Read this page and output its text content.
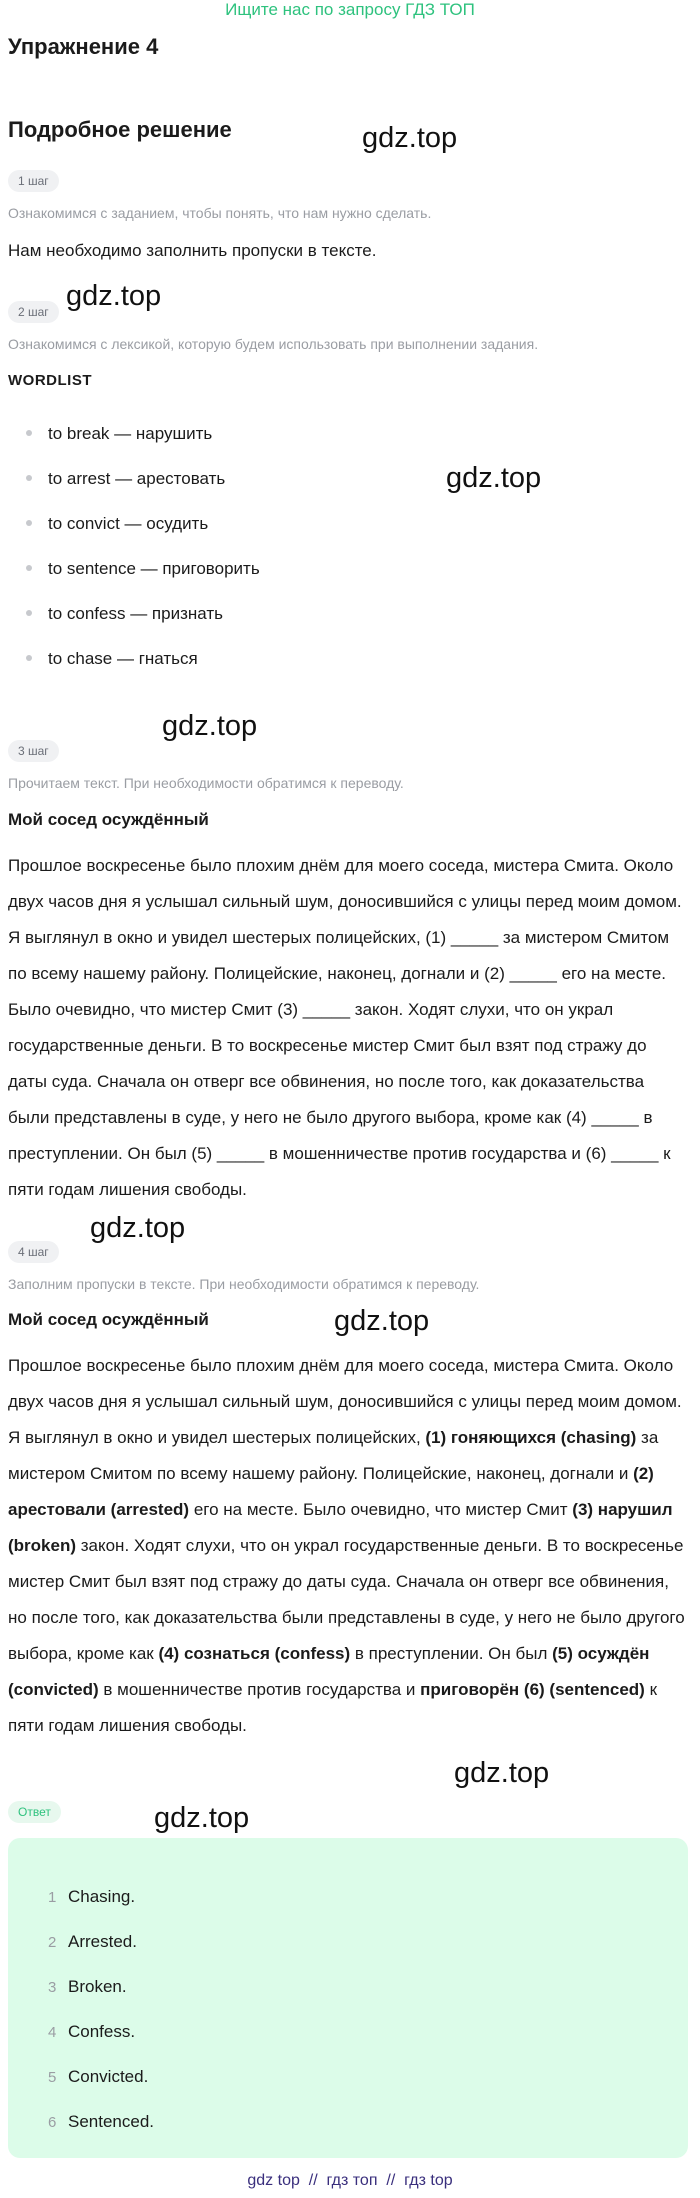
Ищите нас по запросу ГДЗ ТОП
Упражнение 4
Подробное решение	gdz.top
gdz.top
gdz.top
gdz.top
gdz.top
gdz.top
gdz.top
gdz.top
1 шаг
Ознакомимся с заданием, чтобы понять, что нам нужно сделать.
Нам необходимо заполнить пропуски в тексте.
2 шаг
Ознакомимся с лексикой, которую будем использовать при выполнении задания.
WORDLIST
to break — нарушить
to arrest — арестовать
to convict — осудить
to sentence — приговорить
to confess — признать
to chase — гнаться
3 шаг
Прочитаем текст. При необходимости обратимся к переводу.
Мой сосед осуждённый
Прошлое воскресенье было плохим днём для моего соседа, мистера Смита. Около двух часов дня я услышал сильный шум, доносившийся с улицы перед моим домом. Я выглянул в окно и увидел шестерых полицейских, (1) _____ за мистером Смитом по всему нашему району. Полицейские, наконец, догнали и (2) _____ его на месте. Было очевидно, что мистер Смит (3) _____ закон. Ходят слухи, что он украл государственные деньги. В то воскресенье мистер Смит был взят под стражу до даты суда. Сначала он отверг все обвинения, но после того, как доказательства были представлены в суде, у него не было другого выбора, кроме как (4) _____ в преступлении. Он был (5) _____ в мошенничестве против государства и (6) _____ к пяти годам лишения свободы.
4 шаг
Заполним пропуски в тексте. При необходимости обратимся к переводу.
Мой сосед осуждённый
Прошлое воскресенье было плохим днём для моего соседа, мистера Смита. Около двух часов дня я услышал сильный шум, доносившийся с улицы перед моим домом. Я выглянул в окно и увидел шестерых полицейских, (1) гоняющихся (chasing) за мистером Смитом по всему нашему району. Полицейские, наконец, догнали и (2) арестовали (arrested) его на месте. Было очевидно, что мистер Смит (3) нарушил (broken) закон. Ходят слухи, что он украл государственные деньги. В то воскресенье мистер Смит был взят под стражу до даты суда. Сначала он отверг все обвинения, но после того, как доказательства были представлены в суде, у него не было другого выбора, кроме как (4) сознаться (confess) в преступлении. Он был (5) осуждён (convicted) в мошенничестве против государства и приговорён (6) (sentenced) к пяти годам лишения свободы.
Ответ
1 Chasing.
2 Arrested.
3 Broken.
4 Confess.
5 Convicted.
6 Sentenced.
gdz top  //  гдз топ  //  гдз top
